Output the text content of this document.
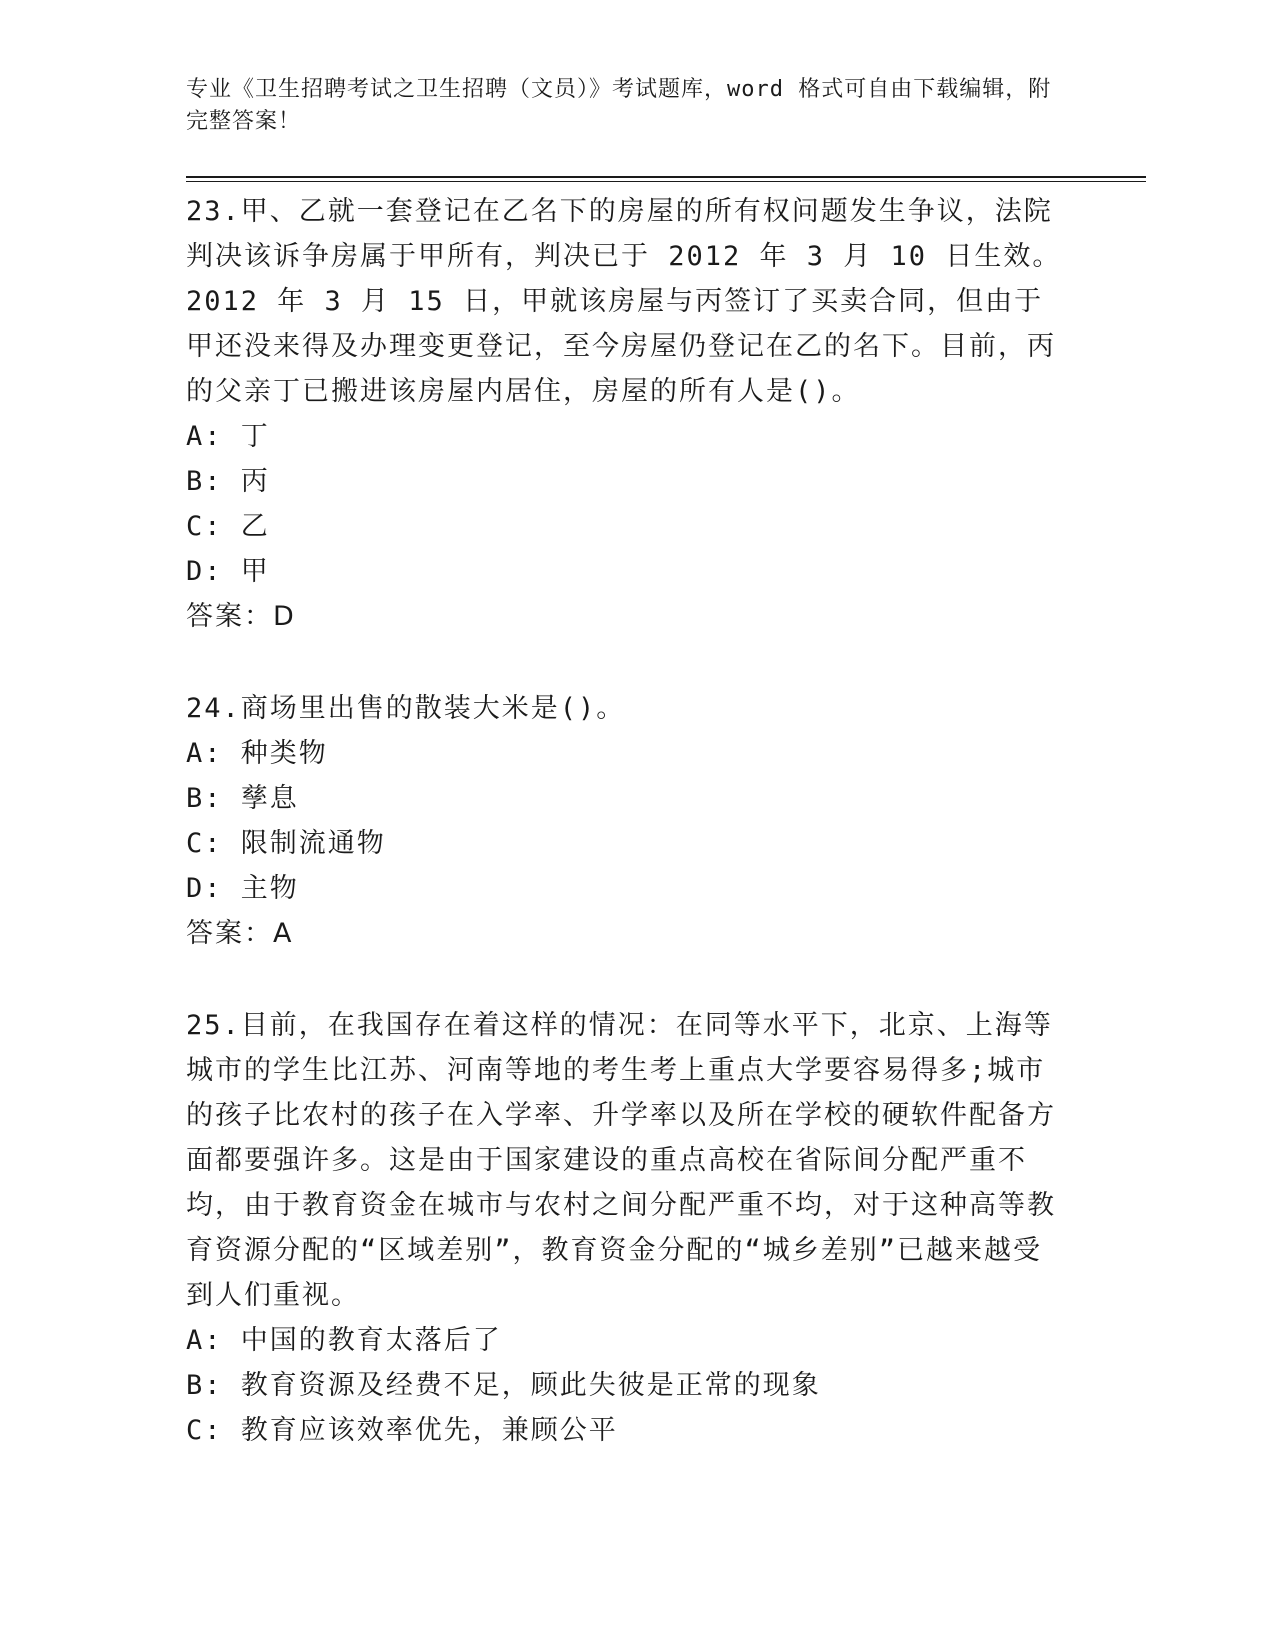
专业《卫生招聘考试之卫生招聘（文员）》考试题库，word 格式可自由下载编辑，附完整答案！

23.甲、乙就一套登记在乙名下的房屋的所有权问题发生争议，法院判决该诉争房属于甲所有，判决已于 2012 年 3 月 10 日生效。2012 年 3 月 15 日，甲就该房屋与丙签订了买卖合同，但由于甲还没来得及办理变更登记，至今房屋仍登记在乙的名下。目前，丙的父亲丁已搬进该房屋内居住，房屋的所有人是()。

A: 丁

B: 丙

C: 乙

D: 甲

答案：D

24.商场里出售的散装大米是()。

A: 种类物

B: 孳息

C: 限制流通物

D: 主物

答案：A

25.目前，在我国存在着这样的情况：在同等水平下，北京、上海等城市的学生比江苏、河南等地的考生考上重点大学要容易得多;城市的孩子比农村的孩子在入学率、升学率以及所在学校的硬软件配备方面都要强许多。这是由于国家建设的重点高校在省际间分配严重不均，由于教育资金在城市与农村之间分配严重不均，对于这种高等教育资源分配的“区域差别”，教育资金分配的“城乡差别”已越来越受到人们重视。

A: 中国的教育太落后了

B: 教育资源及经费不足，顾此失彼是正常的现象

C: 教育应该效率优先，兼顾公平
